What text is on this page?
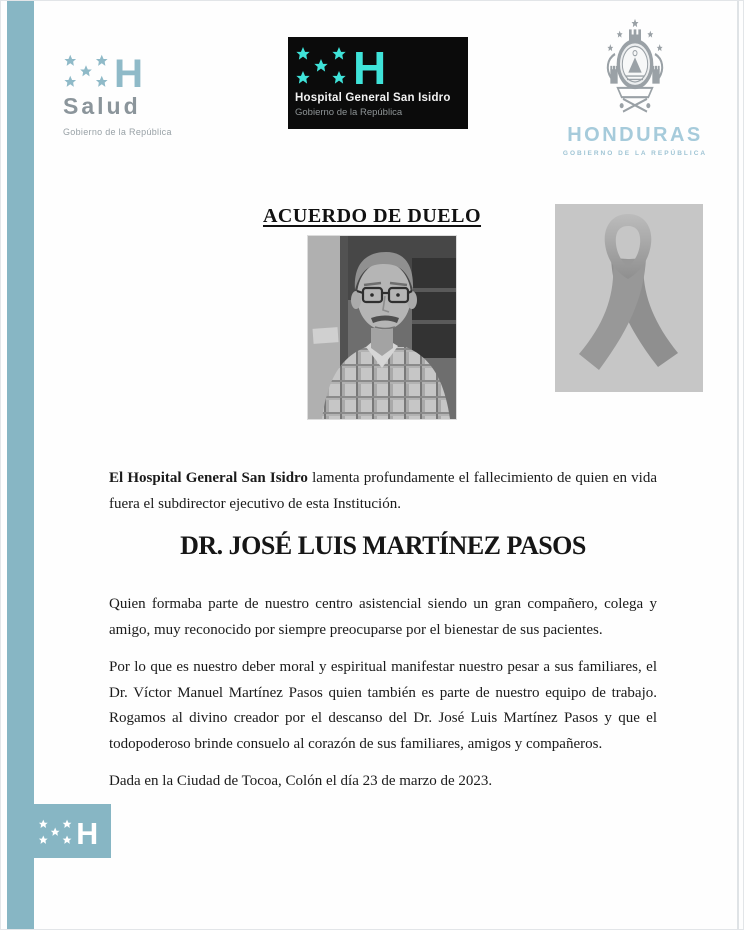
H
Salud
Gobierno de la República
H
Hospital General San Isidro
Gobierno de la República
HONDURAS
GOBIERNO DE LA REPÚBLICA
ACUERDO DE DUELO

El Hospital General San Isidro lamenta profundamente el fallecimiento de quien en vida fuera el subdirector ejecutivo de esta Institución.

DR. JOSÉ LUIS MARTÍNEZ PASOS

Quien formaba parte de nuestro centro asistencial siendo un gran compañero, colega y amigo, muy reconocido por siempre preocuparse por el bienestar de sus pacientes.

Por lo que es nuestro deber moral y espiritual manifestar nuestro pesar a sus familiares, el Dr. Víctor Manuel Martínez Pasos quien también es parte de nuestro equipo de trabajo. Rogamos al divino creador por el descanso del Dr. José Luis Martínez Pasos y que el todopoderoso brinde consuelo al corazón de sus familiares, amigos y compañeros.

Dada en la Ciudad de Tocoa, Colón el día 23 de marzo de 2023.
H
